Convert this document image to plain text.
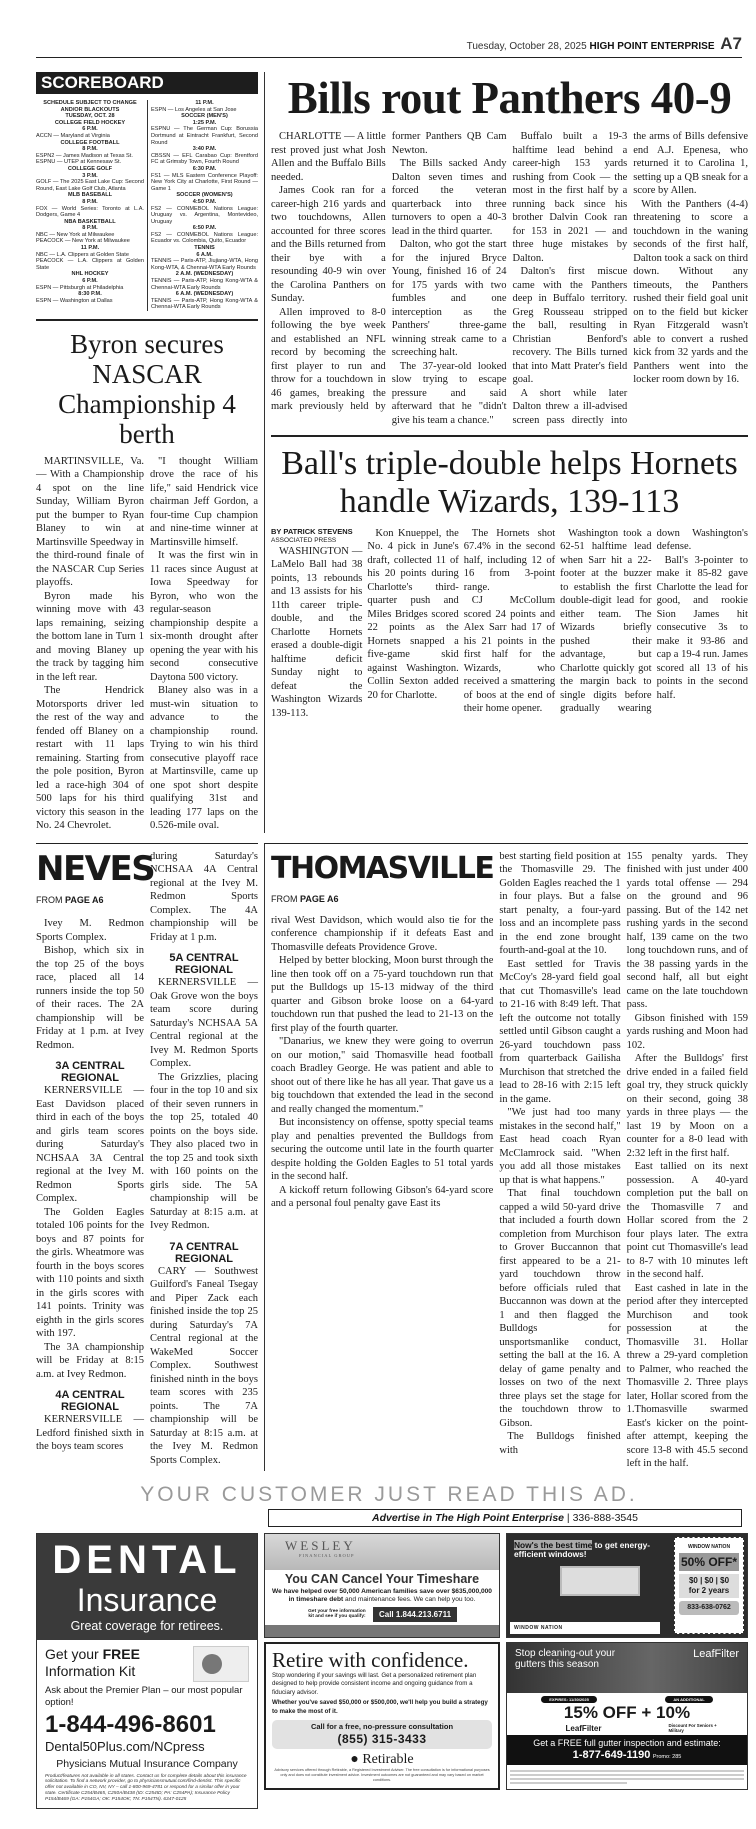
Tuesday, October 28, 2025 HIGH POINT ENTERPRISE A7
SCOREBOARD
SCHEDULE SUBJECT TO CHANGE AND/OR BLACKOUTS
TUESDAY, OCT. 28
COLLEGE FIELD HOCKEY
6 P.M.
ACCN — Maryland at Virginia
COLLEGE FOOTBALL
8 P.M.
ESPN2 — James Madison at Texas St.
ESPNU — UTEP at Kennesaw St.
COLLEGE GOLF
3 P.M.
GOLF — The 2025 East Lake Cup: Second Round, East Lake Golf Club, Atlanta
MLB BASEBALL
8 P.M.
FOX — World Series: Toronto at L.A. Dodgers, Game 4
NBA BASKETBALL
8 P.M.
NBC — New York at Milwaukee
PEACOCK — New York at Milwaukee
11 P.M.
NBC — L.A. Clippers at Golden State
PEACOCK — L.A. Clippers at Golden State
NHL HOCKEY
6 P.M.
ESPN — Pittsburgh at Philadelphia
8:30 P.M.
ESPN — Washington at Dallas
11 P.M.
ESPN — Los Angeles at San Jose
SOCCER (MEN'S)
1:25 P.M.
ESPNU — The German Cup: Borussia Dortmund at Eintracht Frankfurt, Second Round
3:40 P.M.
CBSSN — EFL Carabao Cup: Brentford FC at Grimsby Town, Fourth Round
6:30 P.M.
FS1 — MLS Eastern Conference Playoff: New York City at Charlotte, First Round — Game 1
SOCCER (WOMEN'S)
4:50 P.M.
FS2 — CONMEBOL Nations League: Uruguay vs. Argentina, Montevideo, Uruguay
6:50 P.M.
FS2 — CONMEBOL Nations League: Ecuador vs. Colombia, Quito, Ecuador
TENNIS
6 A.M.
TENNIS — Paris-ATP, Jiujiang-WTA, Hong Kong-WTA, & Chennai-WTA Early Rounds
2 A.M. (WEDNESDAY)
TENNIS — Paris-ATP, Hong Kong-WTA & Chennai-WTA Early Rounds
6 A.M. (WEDNESDAY)
TENNIS — Paris-ATP, Hong Kong-WTA & Chennai-WTA Early Rounds
Byron secures NASCAR Championship 4 berth

MARTINSVILLE, Va. — With a Championship 4 spot on the line Sunday, William Byron put the bumper to Ryan Blaney to win at Martinsville Speedway in the third-round finale of the NASCAR Cup Series playoffs.

Byron made his winning move with 43 laps remaining, seizing the bottom lane in Turn 1 and moving Blaney up the track by tagging him in the left rear.

The Hendrick Motorsports driver led the rest of the way and fended off Blaney on a restart with 11 laps remaining. Starting from the pole position, Byron led a race-high 304 of 500 laps for his third victory this season in the No. 24 Chevrolet.

"I thought William drove the race of his life," said Hendrick vice chairman Jeff Gordon, a four-time Cup champion and nine-time winner at Martinsville himself.

It was the first win in 11 races since August at Iowa Speedway for Byron, who won the regular-season championship despite a six-month drought after opening the year with his second consecutive Daytona 500 victory.

Blaney also was in a must-win situation to advance to the championship round. Trying to win his third consecutive playoff race at Martinsville, came up one spot short despite qualifying 31st and leading 177 laps on the 0.526-mile oval.

Bills rout Panthers 40-9

CHARLOTTE — A little rest proved just what Josh Allen and the Buffalo Bills needed.

James Cook ran for a career-high 216 yards and two touchdowns, Allen accounted for three scores and the Bills returned from their bye with a resounding 40-9 win over the Carolina Panthers on Sunday.

Allen improved to 8-0 following the bye week and established an NFL record by becoming the first player to run and throw for a touchdown in 46 games, breaking the mark previously held by former Panthers QB Cam Newton.

The Bills sacked Andy Dalton seven times and forced the veteran quarterback into three turnovers to open a 40-3 lead in the third quarter.

Dalton, who got the start for the injured Bryce Young, finished 16 of 24 for 175 yards with two fumbles and one interception as the Panthers' three-game winning streak came to a screeching halt.

The 37-year-old looked slow trying to escape pressure and said afterward that he "didn't give his team a chance."

Buffalo built a 19-3 halftime lead behind a career-high 153 yards rushing from Cook — the most in the first half by a running back since his brother Dalvin Cook ran for 153 in 2021 — and three huge mistakes by Dalton.

Dalton's first miscue came with the Panthers deep in Buffalo territory. Greg Rousseau stripped the ball, resulting in Christian Benford's recovery. The Bills turned that into Matt Prater's field goal.

A short while later Dalton threw a ill-advised screen pass directly into the arms of Bills defensive end A.J. Epenesa, who returned it to Carolina 1, setting up a QB sneak for a score by Allen.

With the Panthers (4-4) threatening to score a touchdown in the waning seconds of the first half, Dalton took a sack on third down. Without any timeouts, the Panthers rushed their field goal unit on to the field but kicker Ryan Fitzgerald wasn't able to convert a rushed kick from 32 yards and the Panthers went into the locker room down by 16.

Ball's triple-double helps Hornets handle Wizards, 139-113

BY PATRICK STEVENS

ASSOCIATED PRESS

WASHINGTON — LaMelo Ball had 38 points, 13 rebounds and 13 assists for his 11th career triple-double, and the Charlotte Hornets erased a double-digit halftime deficit Sunday night to defeat the Washington Wizards 139-113.

Kon Knueppel, the No. 4 pick in June's draft, collected 11 of his 20 points during Charlotte's third-quarter push and Miles Bridges scored 22 points as the Hornets snapped a five-game skid against Washington. Collin Sexton added 20 for Charlotte.

The Hornets shot 67.4% in the second half, including 12 of 16 from 3-point range.

CJ McCollum scored 24 points and Alex Sarr had 17 of his 21 points in the first half for the Wizards, who received a smattering of boos at the end of their home opener.

Washington took a 62-51 halftime lead when Sarr hit a 22-footer at the buzzer to establish the first double-digit lead for either team. The Wizards briefly pushed their advantage, but Charlotte quickly got the margin back to single digits before gradually wearing down Washington's defense.

Ball's 3-pointer to make it 85-82 gave Charlotte the lead for good, and rookie Sion James hit consecutive 3s to make it 93-86 and cap a 19-4 run. James scored all 13 of his points in the second half.

NEVES
FROM PAGE A6

Ivey M. Redmon Sports Complex.

Bishop, which six in the top 25 of the boys race, placed all 14 runners inside the top 50 of their races. The 2A championship will be Friday at 1 p.m. at Ivey Redmon.

3A CENTRAL REGIONAL

KERNERSVILLE — East Davidson placed third in each of the boys and girls team scores during Saturday's NCHSAA 3A Central regional at the Ivey M. Redmon Sports Complex.

The Golden Eagles totaled 106 points for the boys and 87 points for the girls. Wheatmore was fourth in the boys scores with 110 points and sixth in the girls scores with 141 points. Trinity was eighth in the girls scores with 197.

The 3A championship will be Friday at 8:15 a.m. at Ivey Redmon.

4A CENTRAL REGIONAL

KERNERSVILLE — Ledford finished sixth in the boys team scores

during Saturday's NCHSAA 4A Central regional at the Ivey M. Redmon Sports Complex. The 4A championship will be Friday at 1 p.m.

5A CENTRAL REGIONAL

KERNERSVILLE — Oak Grove won the boys team score during Saturday's NCHSAA 5A Central regional at the Ivey M. Redmon Sports Complex.

The Grizzlies, placing four in the top 10 and six of their seven runners in the top 25, totaled 40 points on the boys side. They also placed two in the top 25 and took sixth with 160 points on the girls side. The 5A championship will be Saturday at 8:15 a.m. at Ivey Redmon.

7A CENTRAL REGIONAL

CARY — Southwest Guilford's Faneal Tsegay and Piper Zack each finished inside the top 25 during Saturday's 7A Central regional at the WakeMed Soccer Complex. Southwest finished ninth in the boys team scores with 235 points. The 7A championship will be Saturday at 8:15 a.m. at the Ivey M. Redmon Sports Complex.

THOMASVILLE
FROM PAGE A6

rival West Davidson, which would also tie for the conference championship if it defeats East and Thomasville defeats Providence Grove.

Helped by better blocking, Moon burst through the line then took off on a 75-yard touchdown run that put the Bulldogs up 15-13 midway of the third quarter and Gibson broke loose on a 64-yard touchdown run that pushed the lead to 21-13 on the first play of the fourth quarter.

"Danarius, we knew they were going to overrun on our motion," said Thomasville head football coach Bradley George. He was patient and able to shoot out of there like he has all year. That gave us a big touchdown that extended the lead in the second and really changed the momentum."

But inconsistency on offense, spotty special teams play and penalties prevented the Bulldogs from securing the outcome until late in the fourth quarter despite holding the Golden Eagles to 51 total yards in the second half.

A kickoff return following Gibson's 64-yard score and a personal foul penalty gave East its

best starting field position at the Thomasville 29. The Golden Eagles reached the 1 in four plays. But a false start penalty, a four-yard loss and an incomplete pass in the end zone brought fourth-and-goal at the 10.

East settled for Travis McCoy's 28-yard field goal that cut Thomasville's lead to 21-16 with 8:49 left. That left the outcome not totally settled until Gibson caught a 26-yard touchdown pass from quarterback Gailisha Murchison that stretched the lead to 28-16 with 2:15 left in the game.

"We just had too many mistakes in the second half," East head coach Ryan McClamrock said. "When you add all those mistakes up that is what happens."

That final touchdown capped a wild 50-yard drive that included a fourth down completion from Murchison to Grover Buccannon that first appeared to be a 21-yard touchdown throw before officials ruled that Buccannon was down at the 1 and then flagged the Bulldogs for unsportsmanlike conduct, setting the ball at the 16. A delay of game penalty and losses on two of the next three plays set the stage for the touchdown throw to Gibson.

The Bulldogs finished with

155 penalty yards. They finished with just under 400 yards total offense — 294 on the ground and 96 passing. But of the 142 net rushing yards in the second half, 139 came on the two long touchdown runs, and of the 38 passing yards in the second half, all but eight came on the late touchdown pass.

Gibson finished with 159 yards rushing and Moon had 102.

After the Bulldogs' first drive ended in a failed field goal try, they struck quickly on their second, going 38 yards in three plays — the last 19 by Moon on a counter for a 8-0 lead with 2:32 left in the first half.

East tallied on its next possession. A 40-yard completion put the ball on the Thomasville 7 and Hollar scored from the 2 four plays later. The extra point cut Thomasville's lead to 8-7 with 10 minutes left in the second half.

East cashed in late in the period after they intercepted Murchison and took possession at the Thomasville 31. Hollar threw a 29-yard completion to Palmer, who reached the Thomasville 2. Three plays later, Hollar scored from the 1.Thomasville swarmed East's kicker on the point-after attempt, keeping the score 13-8 with 45.5 second left in the half.

YOUR CUSTOMER JUST READ THIS AD.
Advertise in The High Point Enterprise | 336-888-3545
DENTAL
Insurance
Great coverage for retirees.
Get your FREE
Information Kit
Ask about the Premier Plan – our most popular option!
1-844-496-8601
Dental50Plus.com/NCpress
Physicians Mutual Insurance Company
Product/features not available in all states. Contact us for complete details about this insurance solicitation. To find a network provider, go to physiciansmutual.com/find-dentist. This specific offer not available in CO, NV, NY – call 1-800-969-4781 or respond for a similar offer in your state. Certificate C254/B465, C250A/B438 (ID: C254ID; PA: C254PA); Insurance Policy P154/B469 (GA: P154GA; OK: P154OK; TN: P154TN). 6347-0125
WESLEY
FINANCIAL GROUP
You CAN Cancel Your Timeshare
We have helped over 50,000 American families save over $635,000,000 in timeshare debt and maintenance fees. We can help you too.
Get your free information kit and see if you qualify:	Call 1.844.213.6711
Now's the best time to get energy-efficient windows!
WINDOW NATION
WINDOW NATION
50% OFF*
$0 | $0 | $0
for 2 years
833-638-0762
Retire with confidence.

Stop wondering if your savings will last. Get a personalized retirement plan designed to help provide consistent income and ongoing guidance from a fiduciary advisor.

Whether you've saved $50,000 or $500,000, we'll help you build a strategy to make the most of it.

Call for a free, no-pressure consultation
(855) 315-3433
● Retirable
Advisory services offered through Retirable, a Registered Investment Adviser. The free consultation is for informational purposes only and does not constitute investment advice. Investment outcomes are not guaranteed and may vary based on market conditions.
Stop cleaning-out your gutters this season
LeafFilter
EXPIRES: 11/30/2025	AN ADDITIONAL
15% OFF + 10%
LeafFilter	Discount For Seniors + Military
Get a FREE full gutter inspection and estimate:
1-877-649-1190 Promo: 285
